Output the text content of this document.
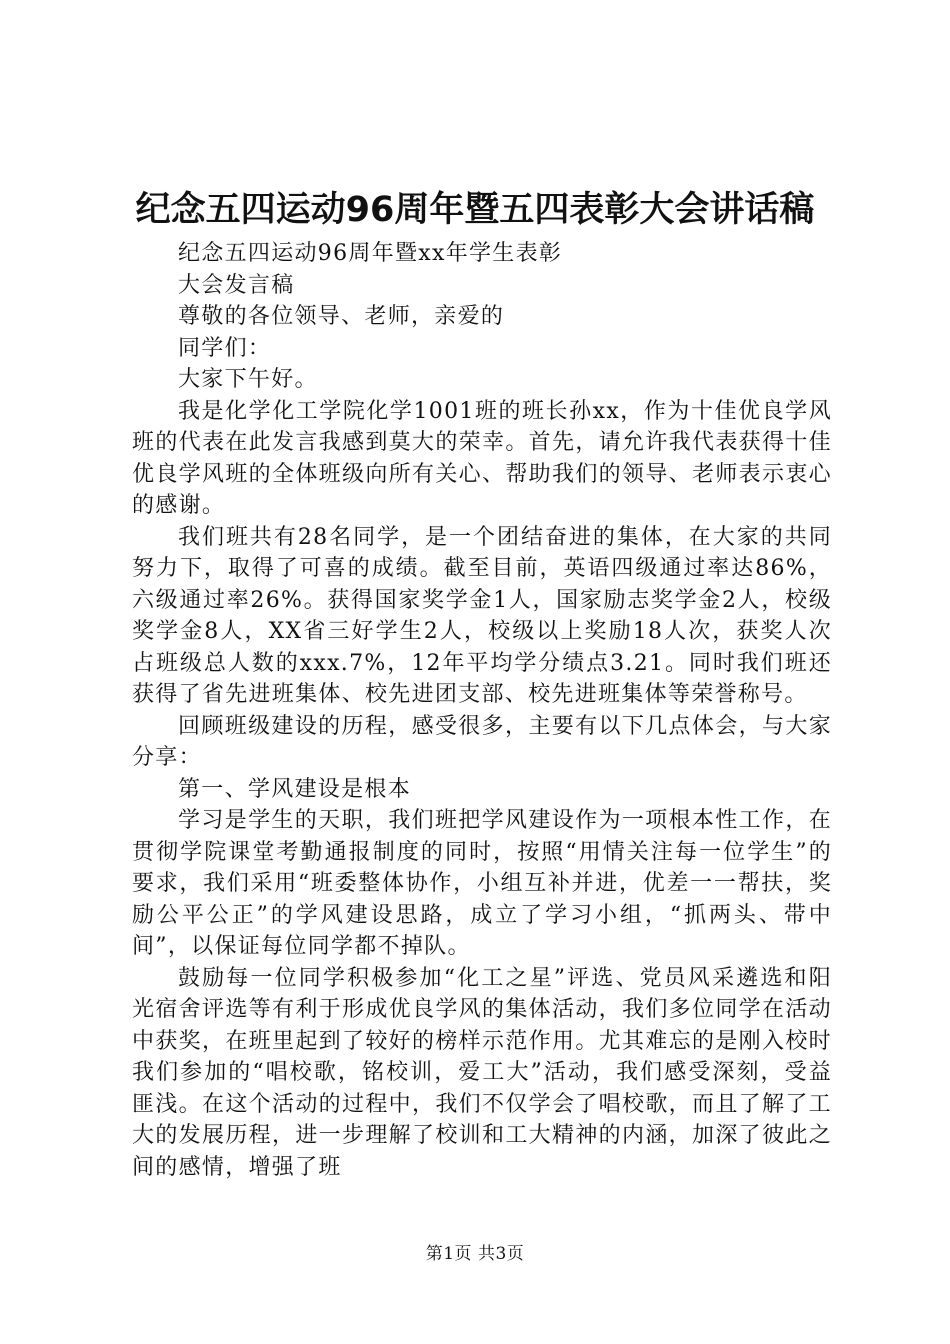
纪念五四运动96周年暨五四表彰大会讲话稿

纪念五四运动96周年暨xx年学生表彰

大会发言稿

尊敬的各位领导、老师，亲爱的

同学们：

大家下午好。

我是化学化工学院化学1001班的班长孙xx，作为十佳优良学风班的代表在此发言我感到莫大的荣幸。首先，请允许我代表获得十佳优良学风班的全体班级向所有关心、帮助我们的领导、老师表示衷心的感谢。

我们班共有28名同学，是一个团结奋进的集体，在大家的共同努力下，取得了可喜的成绩。截至目前，英语四级通过率达86%，六级通过率26%。获得国家奖学金1人，国家励志奖学金2人，校级奖学金8人，XX省三好学生2人，校级以上奖励18人次，获奖人次占班级总人数的xxx.7%，12年平均学分绩点3.21。同时我们班还获得了省先进班集体、校先进团支部、校先进班集体等荣誉称号。

回顾班级建设的历程，感受很多，主要有以下几点体会，与大家分享：

第一、学风建设是根本

学习是学生的天职，我们班把学风建设作为一项根本性工作，在贯彻学院课堂考勤通报制度的同时，按照“用情关注每一位学生”的要求，我们采用“班委整体协作，小组互补并进，优差一一帮扶，奖励公平公正”的学风建设思路，成立了学习小组，“抓两头、带中间”，以保证每位同学都不掉队。

鼓励每一位同学积极参加“化工之星”评选、党员风采遴选和阳光宿舍评选等有利于形成优良学风的集体活动，我们多位同学在活动中获奖，在班里起到了较好的榜样示范作用。尤其难忘的是刚入校时我们参加的“唱校歌，铭校训，爱工大”活动，我们感受深刻，受益匪浅。在这个活动的过程中，我们不仅学会了唱校歌，而且了解了工大的发展历程，进一步理解了校训和工大精神的内涵，加深了彼此之间的感情，增强了班

第1页 共3页
